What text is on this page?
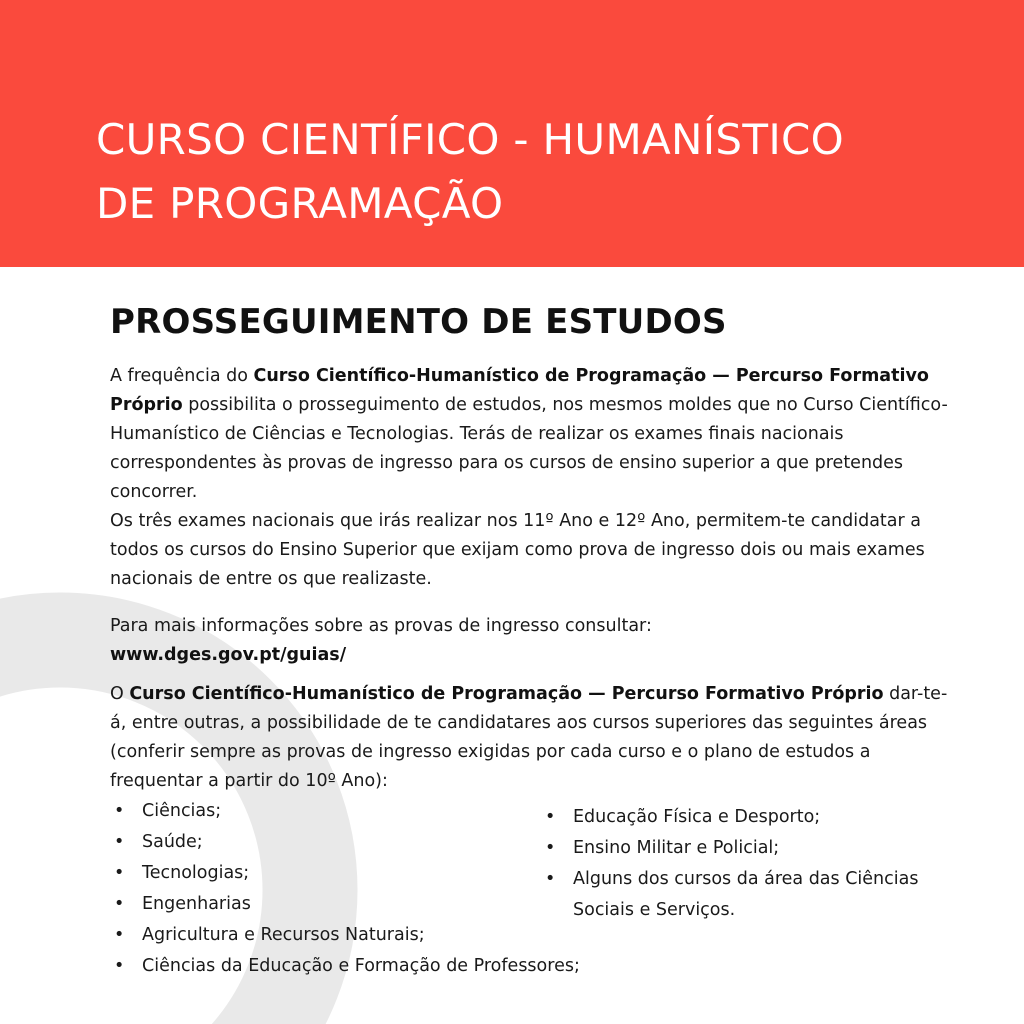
CURSO CIENTÍFICO - HUMANÍSTICO
DE PROGRAMAÇÃO
PROSSEGUIMENTO DE ESTUDOS

A frequência do Curso Científico-Humanístico de Programação — Percurso Formativo Próprio possibilita o prosseguimento de estudos, nos mesmos moldes que no Curso Científico-Humanístico de Ciências e Tecnologias. Terás de realizar os exames finais nacionais correspondentes às provas de ingresso para os cursos de ensino superior a que pretendes concorrer.

Os três exames nacionais que irás realizar nos 11º Ano e 12º Ano, permitem-te candidatar a todos os cursos do Ensino Superior que exijam como prova de ingresso dois ou mais exames nacionais de entre os que realizaste.

Para mais informações sobre as provas de ingresso consultar:

www.dges.gov.pt/guias/

O Curso Científico-Humanístico de Programação — Percurso Formativo Próprio dar-te-á, entre outras, a possibilidade de te candidatares aos cursos superiores das seguintes áreas (conferir sempre as provas de ingresso exigidas por cada curso e o plano de estudos a frequentar a partir do 10º Ano):

• Ciências;
• Saúde;
• Tecnologias;
• Engenharias
• Agricultura e Recursos Naturais;
• Ciências da Educação e Formação de Professores;
• Educação Física e Desporto;
• Ensino Militar e Policial;
• Alguns dos cursos da área das Ciências Sociais e Serviços.
